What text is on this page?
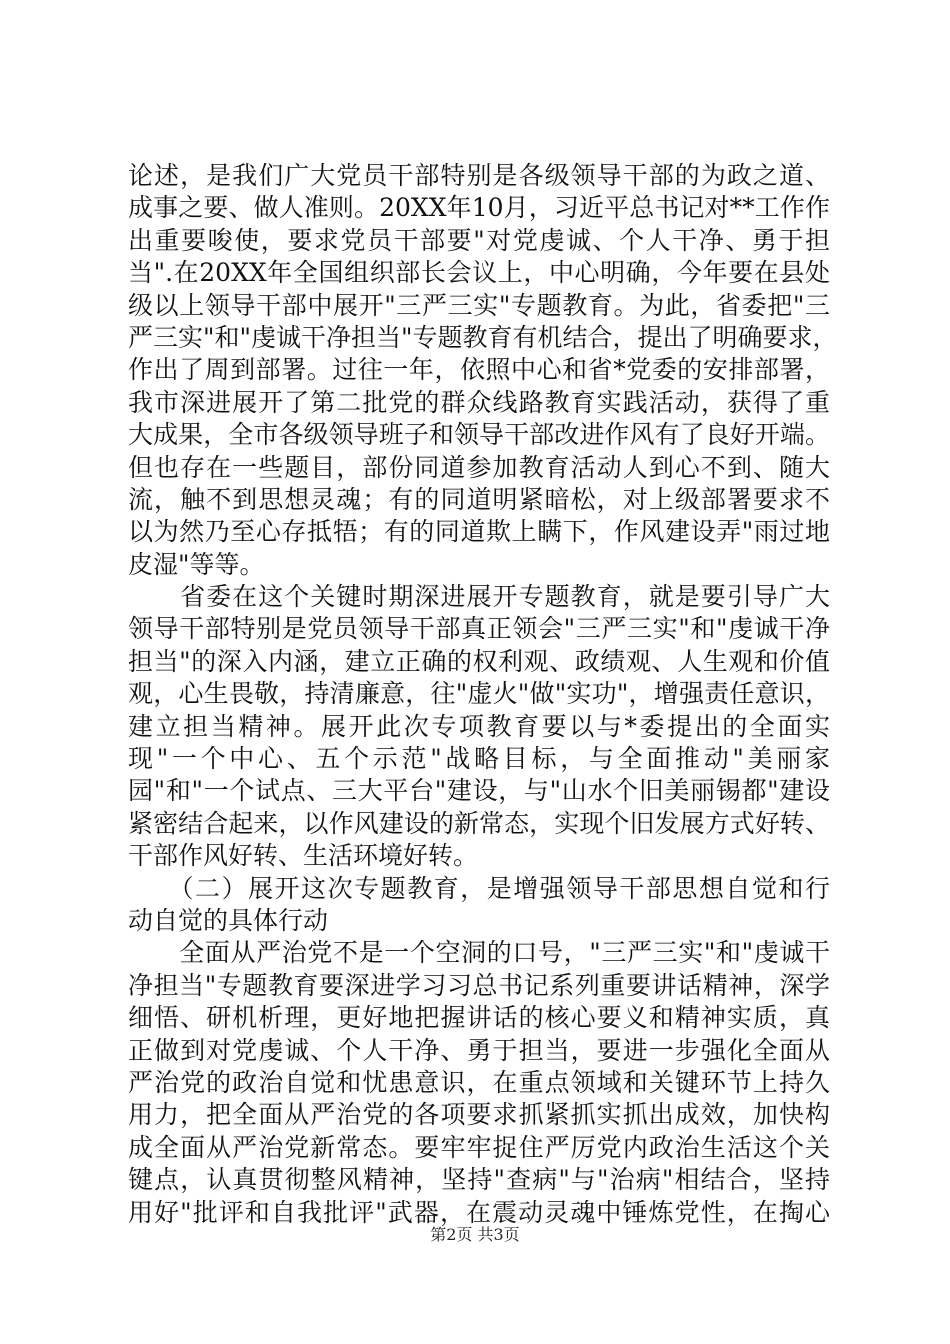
论述，是我们广大党员干部特别是各级领导干部的为政之道、
成事之要、做人准则。20XX年10月，习近平总书记对**工作作
出重要唆使，要求党员干部要"对党虔诚、个人干净、勇于担
当".在20XX年全国组织部长会议上，中心明确，今年要在县处
级以上领导干部中展开"三严三实"专题教育。为此，省委把"三
严三实"和"虔诚干净担当"专题教育有机结合，提出了明确要求，
作出了周到部署。过往一年，依照中心和省*党委的安排部署，
我市深进展开了第二批党的群众线路教育实践活动，获得了重
大成果，全市各级领导班子和领导干部改进作风有了良好开端。
但也存在一些题目，部份同道参加教育活动人到心不到、随大
流，触不到思想灵魂；有的同道明紧暗松，对上级部署要求不
以为然乃至心存抵牾；有的同道欺上瞒下，作风建设弄"雨过地
皮湿"等等。
　　省委在这个关键时期深进展开专题教育，就是要引导广大
领导干部特别是党员领导干部真正领会"三严三实"和"虔诚干净
担当"的深入内涵，建立正确的权利观、政绩观、人生观和价值
观，心生畏敬，持清廉意，往"虚火"做"实功"，增强责任意识，
建立担当精神。展开此次专项教育要以与*委提出的全面实
现"一个中心、五个示范"战略目标，与全面推动"美丽家
园"和"一个试点、三大平台"建设，与"山水个旧美丽锡都"建设
紧密结合起来，以作风建设的新常态，实现个旧发展方式好转、
干部作风好转、生活环境好转。
　　（二）展开这次专题教育，是增强领导干部思想自觉和行
动自觉的具体行动
　　全面从严治党不是一个空洞的口号，"三严三实"和"虔诚干
净担当"专题教育要深进学习习总书记系列重要讲话精神，深学
细悟、研机析理，更好地把握讲话的核心要义和精神实质，真
正做到对党虔诚、个人干净、勇于担当，要进一步强化全面从
严治党的政治自觉和忧患意识，在重点领域和关键环节上持久
用力，把全面从严治党的各项要求抓紧抓实抓出成效，加快构
成全面从严治党新常态。要牢牢捉住严厉党内政治生活这个关
键点，认真贯彻整风精神，坚持"查病"与"治病"相结合，坚持
用好"批评和自我批评"武器，在震动灵魂中锤炼党性，在掏心
第2页 共3页
